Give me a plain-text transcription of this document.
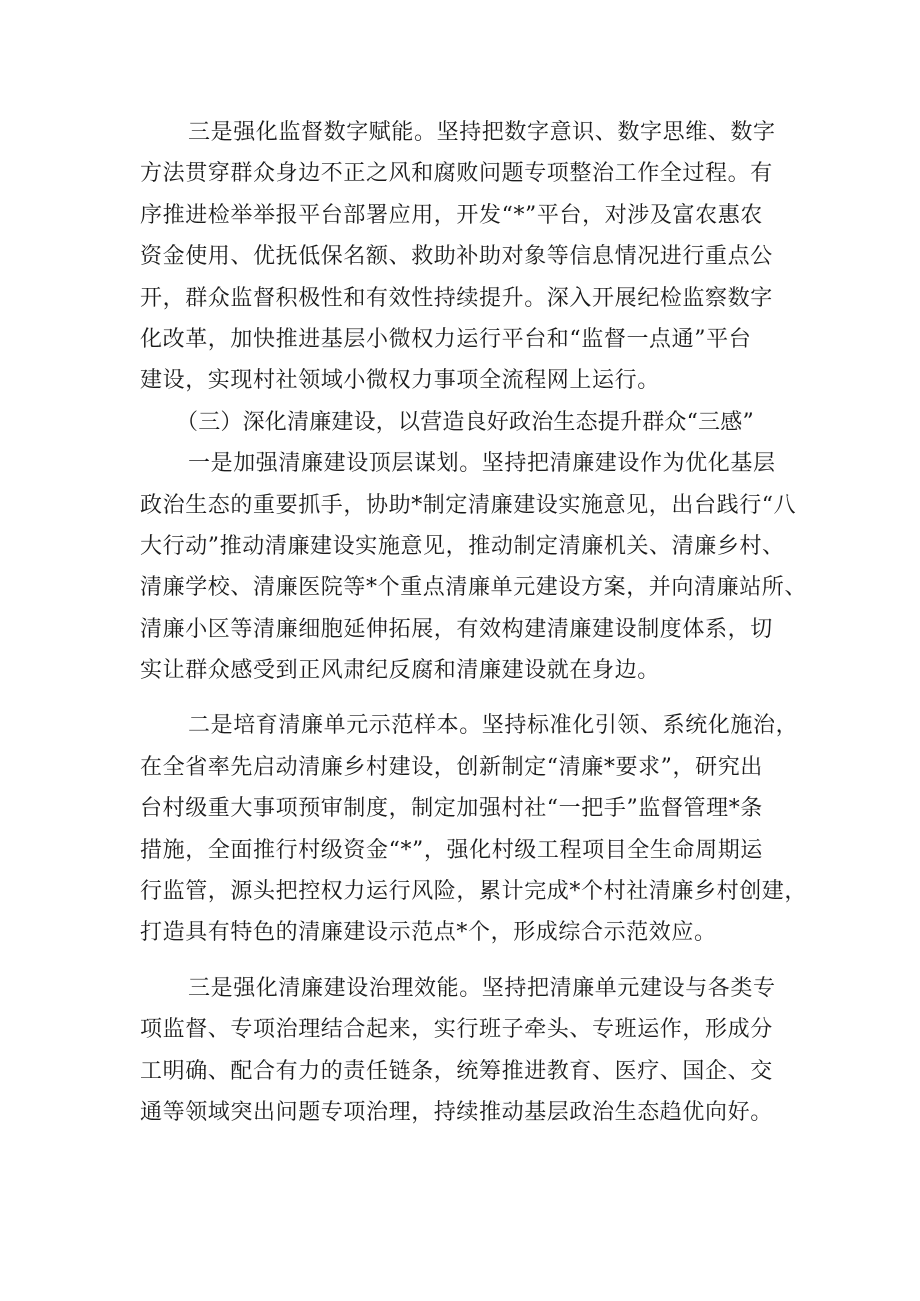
三是强化监督数字赋能。坚持把数字意识、数字思维、数字
方法贯穿群众身边不正之风和腐败问题专项整治工作全过程。有
序推进检举举报平台部署应用，开发“*”平台，对涉及富农惠农
资金使用、优抚低保名额、救助补助对象等信息情况进行重点公
开，群众监督积极性和有效性持续提升。深入开展纪检监察数字
化改革，加快推进基层小微权力运行平台和“监督一点通”平台
建设，实现村社领域小微权力事项全流程网上运行。
（三）深化清廉建设，以营造良好政治生态提升群众“三感”
一是加强清廉建设顶层谋划。坚持把清廉建设作为优化基层
政治生态的重要抓手，协助*制定清廉建设实施意见，出台践行“八
大行动”推动清廉建设实施意见，推动制定清廉机关、清廉乡村、
清廉学校、清廉医院等*个重点清廉单元建设方案，并向清廉站所、
清廉小区等清廉细胞延伸拓展，有效构建清廉建设制度体系，切
实让群众感受到正风肃纪反腐和清廉建设就在身边。
二是培育清廉单元示范样本。坚持标准化引领、系统化施治，
在全省率先启动清廉乡村建设，创新制定“清廉*要求”，研究出
台村级重大事项预审制度，制定加强村社“一把手”监督管理*条
措施，全面推行村级资金“*”，强化村级工程项目全生命周期运
行监管，源头把控权力运行风险，累计完成*个村社清廉乡村创建，
打造具有特色的清廉建设示范点*个，形成综合示范效应。
三是强化清廉建设治理效能。坚持把清廉单元建设与各类专
项监督、专项治理结合起来，实行班子牵头、专班运作，形成分
工明确、配合有力的责任链条，统筹推进教育、医疗、国企、交
通等领域突出问题专项治理，持续推动基层政治生态趋优向好。
